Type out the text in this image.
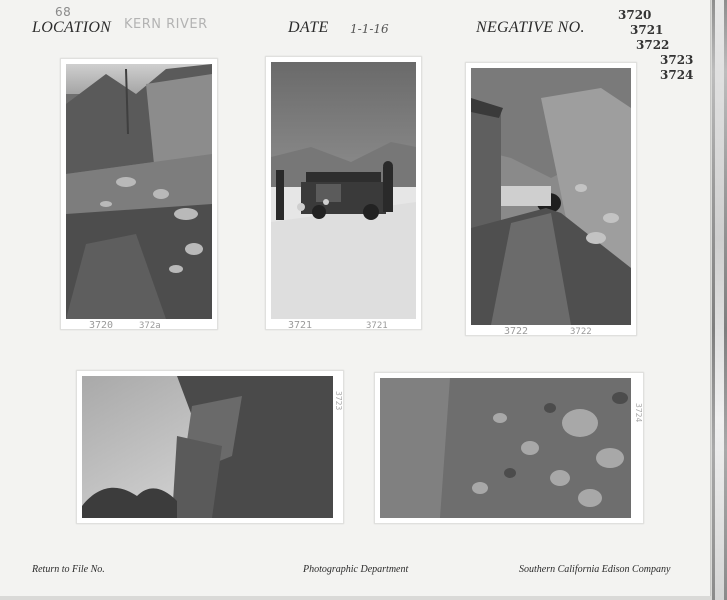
68
LOCATION KERN RIVER	DATE 1-1-16	NEGATIVE NO.
3720
3721
3722
3723
3724
3720	372a	3721	3721	3722	3722
3723
3724
Return to File No.	Photographic Department	Southern California Edison Company
